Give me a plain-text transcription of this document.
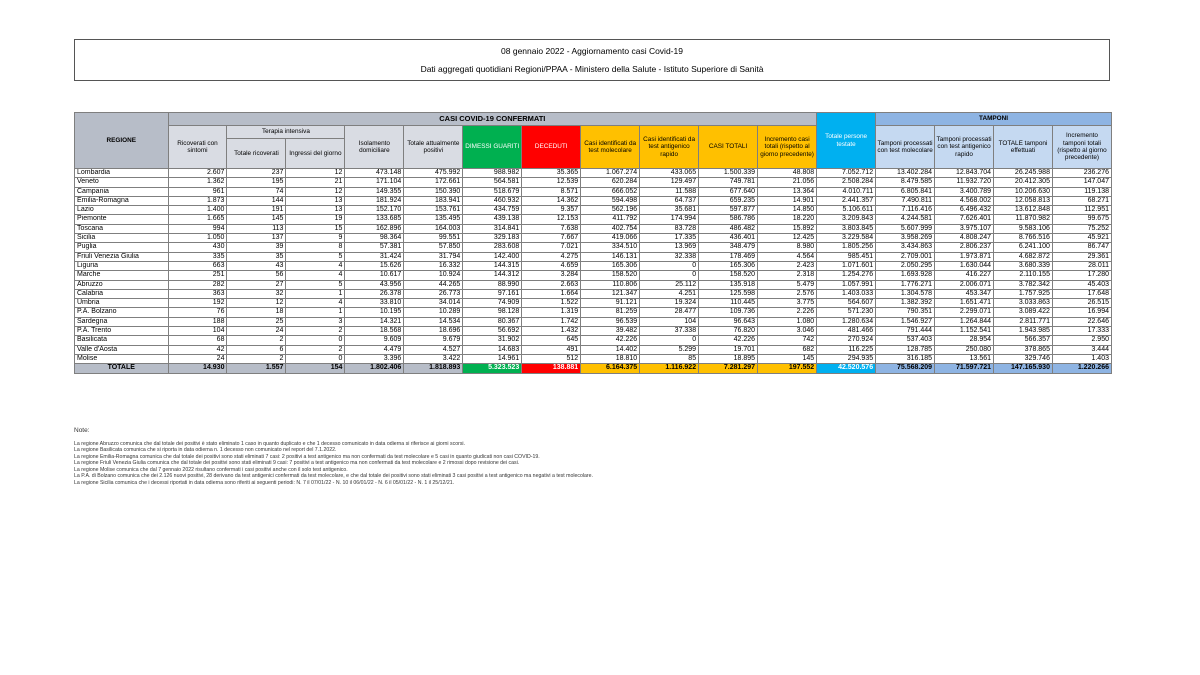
08 gennaio 2022 - Aggiornamento casi Covid-19
Dati aggregati quotidiani Regioni/PPAA - Ministero della Salute - Istituto Superiore di Sanità
REGIONE	CASI COVID-19 CONFERMATI											Totale persone testate	TAMPONI			
	Ricoverati con sintomi	Terapia intensiva		Isolamento domiciliare	Totale attualmente positivi	DIMESSI GUARITI	DECEDUTI	Casi identificati da test molecolare	Casi identificati da test antigenico rapido	CASI TOTALI	Incremento casi totali (rispetto al giorno precedente)		Tamponi processati con test molecolare	Tamponi processati con test antigenico rapido	TOTALE tamponi effettuati	Incremento tamponi totali (rispetto al giorno precedente)
		Totale ricoverati	Ingressi del giorno													
Lombardia	2.607	237	12	473.148	475.992	988.982	35.365	1.067.274	433.065	1.500.339	48.808	7.052.712	13.402.284	12.843.704	26.245.988	236.276
Veneto	1.362	195	21	171.104	172.661	564.581	12.539	620.284	129.497	749.781	21.056	2.508.284	8.479.585	11.932.720	20.412.305	147.047
Campania	961	74	12	149.355	150.390	518.679	8.571	666.052	11.588	677.640	13.364	4.010.711	6.805.841	3.400.789	10.206.630	119.138
Emilia-Romagna	1.873	144	13	181.924	183.941	460.932	14.362	594.498	64.737	659.235	14.901	2.441.357	7.490.811	4.568.002	12.058.813	68.271
Lazio	1.400	191	13	152.170	153.761	434.759	9.357	562.196	35.681	597.877	14.850	5.106.611	7.116.416	6.496.432	13.612.848	112.951
Piemonte	1.665	145	19	133.685	135.495	439.138	12.153	411.792	174.994	586.786	18.220	3.209.843	4.244.581	7.626.401	11.870.982	99.675
Toscana	994	113	15	162.896	164.003	314.841	7.638	402.754	83.728	486.482	15.892	3.803.845	5.607.999	3.975.107	9.583.106	75.252
Sicilia	1.050	137	9	98.364	99.551	329.183	7.667	419.066	17.335	436.401	12.425	3.229.584	3.958.269	4.808.247	8.766.516	45.921
Puglia	430	39	8	57.381	57.850	283.608	7.021	334.510	13.969	348.479	8.980	1.805.256	3.434.863	2.806.237	6.241.100	86.747
Friuli Venezia Giulia	335	35	5	31.424	31.794	142.400	4.275	146.131	32.338	178.469	4.564	985.451	2.709.001	1.973.871	4.682.872	29.361
Liguria	663	43	4	15.626	16.332	144.315	4.659	165.306	0	165.306	2.423	1.071.601	2.050.295	1.630.044	3.680.339	28.011
Marche	251	56	4	10.617	10.924	144.312	3.284	158.520	0	158.520	2.318	1.254.276	1.693.928	416.227	2.110.155	17.280
Abruzzo	282	27	5	43.956	44.265	88.990	2.663	110.806	25.112	135.918	5.479	1.057.991	1.776.271	2.006.071	3.782.342	45.403
Calabria	363	32	1	26.378	26.773	97.161	1.664	121.347	4.251	125.598	2.576	1.403.033	1.304.578	453.347	1.757.925	17.648
Umbria	192	12	4	33.810	34.014	74.909	1.522	91.121	19.324	110.445	3.775	564.607	1.382.392	1.651.471	3.033.863	26.515
P.A. Bolzano	76	18	1	10.195	10.289	98.128	1.319	81.259	28.477	109.736	2.226	571.230	790.351	2.299.071	3.089.422	16.994
Sardegna	188	25	3	14.321	14.534	80.367	1.742	96.539	104	96.643	1.080	1.280.634	1.546.927	1.264.844	2.811.771	22.646
P.A. Trento	104	24	2	18.568	18.696	56.692	1.432	39.482	37.338	76.820	3.046	481.466	791.444	1.152.541	1.943.985	17.333
Basilicata	68	2	0	9.609	9.679	31.902	645	42.226	0	42.226	742	270.924	537.403	28.954	566.357	2.950
Valle d'Aosta	42	6	2	4.479	4.527	14.683	491	14.402	5.299	19.701	682	116.225	128.785	250.080	378.865	3.444
Molise	24	2	0	3.396	3.422	14.961	512	18.810	85	18.895	145	294.935	316.185	13.561	329.746	1.403
TOTALE	14.930	1.557	154	1.802.406	1.818.893	5.323.523	138.881	6.164.375	1.116.922	7.281.297	197.552	42.520.576	75.568.209	71.597.721	147.165.930	1.220.266
Note:
La regione Abruzzo comunica che dal totale dei positivi è stato eliminato 1 caso in quanto duplicato e che 1 decesso comunicato in data odierna si riferisce ai giorni scorsi.
La regione Basilicata comunica che si riporta in data odierna n. 1 decesso non comunicato nel report del 7.1.2022.
La regione Emilia-Romagna comunica che dal totale dei positivi sono stati eliminati 7 casi: 2 positivi a test antigenico ma non confermati da test molecolare e 5 casi in quanto giudicati non casi COVID-19.
La regione Friuli Venezia Giulia comunica che dal totale dei positivi sono stati eliminati 9 casi: 7 positivi a test antigenico ma non confermati da test molecolare e 2 rimossi dopo revisione dei casi.
La regione Molise comunica che dal 7 gennaio 2022 risultano confermati i casi positivi anche con il solo test antigenico.
La P.A. di Bolzano comunica che dei 2.126 nuovi positivi, 28 derivano da test antigenici confermati da test molecolare, e che dal totale dei positivi sono stati eliminati 3 casi positivi a test antigenico ma negativi a test molecolare.
La regione Sicilia comunica che i decessi riportati in data odierna sono riferiti ai seguenti periodi: N. 7 il 07/01/22 - N. 10 il 06/01/22 - N. 6 il 05/01/22 - N. 1 il 25/12/21.
